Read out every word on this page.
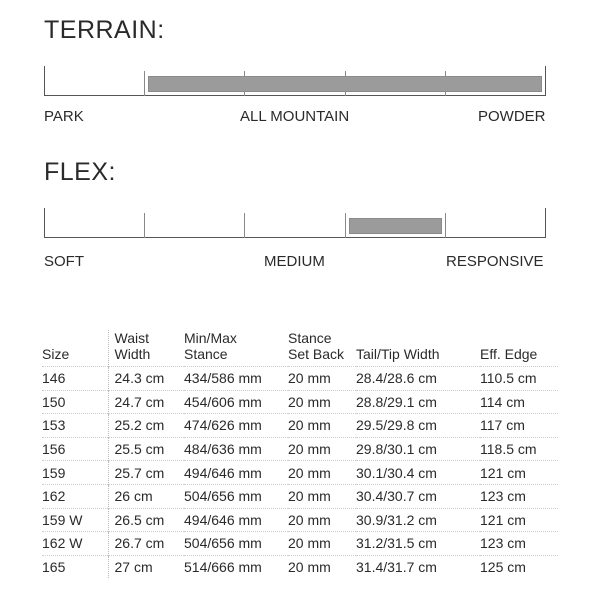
TERRAIN:
PARK	ALL MOUNTAIN	POWDER
FLEX:
SOFT	MEDIUM	RESPONSIVE
Size	Waist Width	Min/Max Stance	Stance Set Back	Tail/Tip Width	Eff. Edge
146	24.3 cm	434/586 mm	20 mm	28.4/28.6 cm	110.5 cm
150	24.7 cm	454/606 mm	20 mm	28.8/29.1 cm	114 cm
153	25.2 cm	474/626 mm	20 mm	29.5/29.8 cm	117 cm
156	25.5 cm	484/636 mm	20 mm	29.8/30.1 cm	118.5 cm
159	25.7 cm	494/646 mm	20 mm	30.1/30.4 cm	121 cm
162	26 cm	504/656 mm	20 mm	30.4/30.7 cm	123 cm
159 W	26.5 cm	494/646 mm	20 mm	30.9/31.2 cm	121 cm
162 W	26.7 cm	504/656 mm	20 mm	31.2/31.5 cm	123 cm
165	27 cm	514/666 mm	20 mm	31.4/31.7 cm	125 cm
